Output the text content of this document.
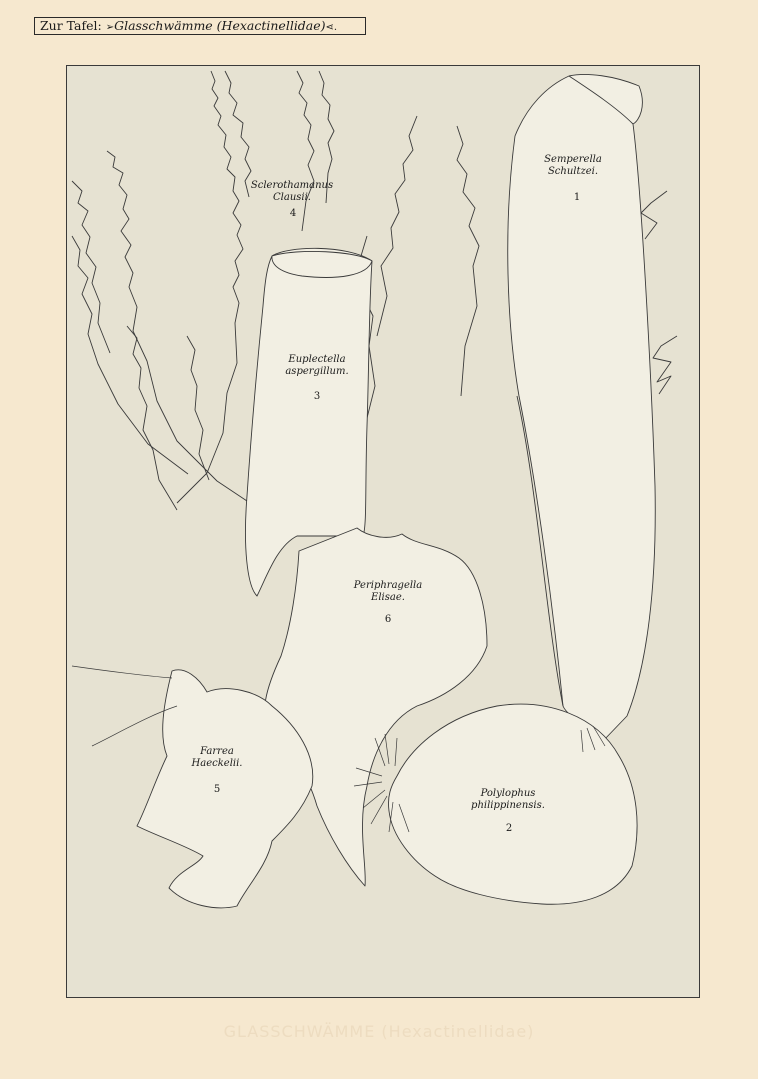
Zur Tafel: ➢Glasschwämme (Hexactinellidae)⋖.
Semperella
Schultzei.
1
Polylophus
philippinensis.
2
Euplectella
aspergillum.
3
Sclerothamanus
Clausii.
4
Farrea
Haeckelii.
5
Periphragella
Elisae.
6
GLASSCHWÄMME (Hexactinellidae)
